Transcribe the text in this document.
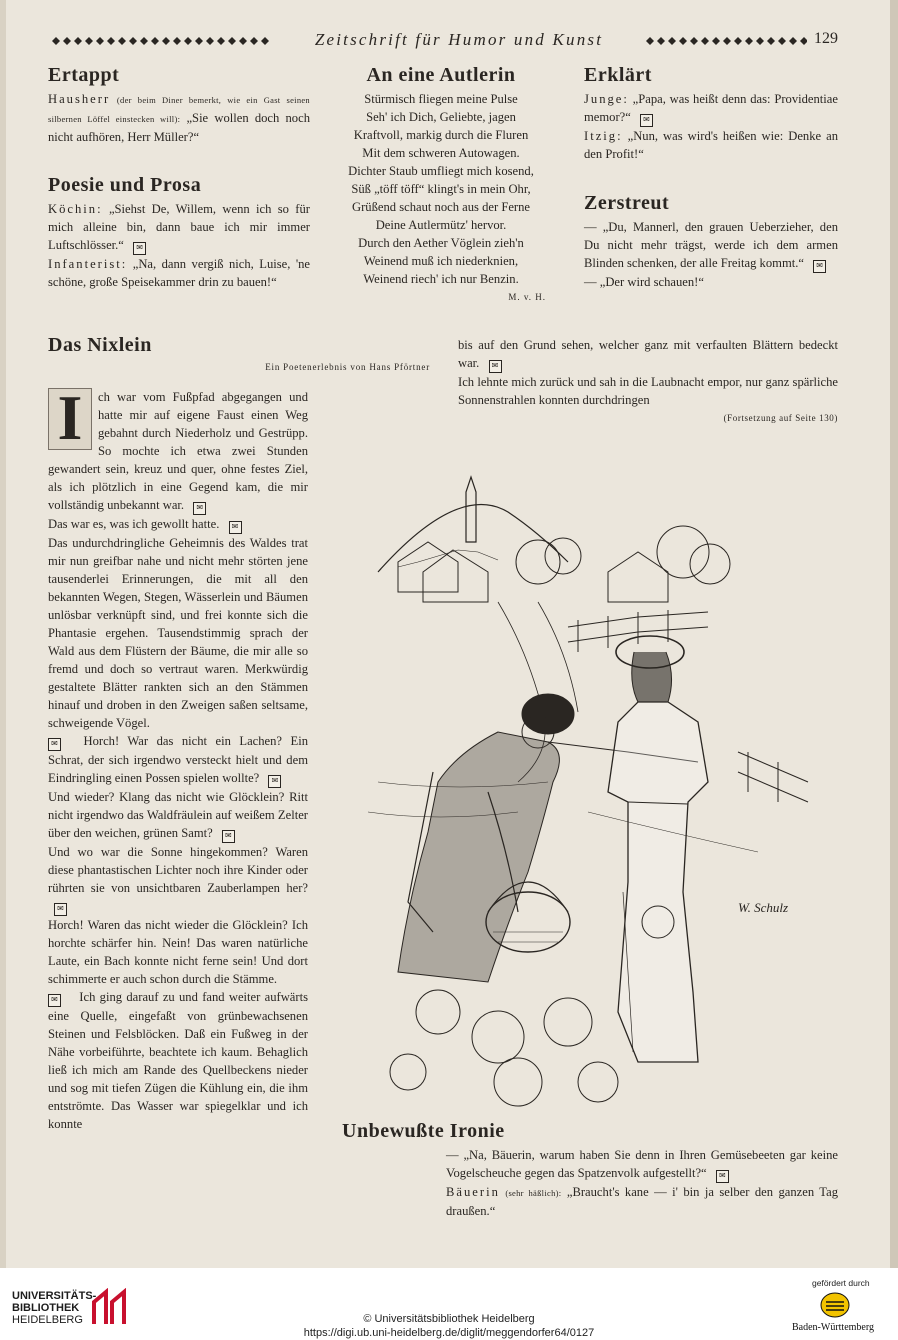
Zeitschrift für Humor und Kunst	129
Ertappt

Hausherr (der beim Diner bemerkt, wie ein Gast seinen silbernen Löffel einstecken will): „Sie wollen doch noch nicht aufhören, Herr Müller?“

Poesie und Prosa

Köchin: „Siehst De, Willem, wenn ich so für mich alleine bin, dann baue ich mir immer Luftschlösser.“ ✉

Infanterist: „Na, dann vergiß nich, Luise, 'ne schöne, große Speisekammer drin zu bauen!“

An eine Autlerin
Stürmisch fliegen meine Pulse
Seh' ich Dich, Geliebte, jagen
Kraftvoll, markig durch die Fluren
Mit dem schweren Autowagen.
Dichter Staub umfliegt mich kosend,
Süß „töff töff“ klingt's in mein Ohr,
Grüßend schaut noch aus der Ferne
Deine Autlermütz' hervor.
Durch den Aether Vöglein zieh'n
Weinend muß ich niederknien,
Weinend riech' ich nur Benzin.
M. v. H.
Erklärt

Junge: „Papa, was heißt denn das: Providentiae memor?“ ✉

Itzig: „Nun, was wird's heißen wie: Denke an den Profit!“

Zerstreut

— „Du, Mannerl, den grauen Ueberzieher, den Du nicht mehr trägst, werde ich dem armen Blinden schenken, der alle Freitag kommt.“ ✉

— „Der wird schauen!“

Das Nixlein
Ein Poetenerlebnis von Hans Pförtner

I	ch war vom Fußpfad abgegangen und hatte mir auf eigene Faust einen Weg gebahnt durch Niederholz und Gestrüpp. So mochte ich etwa zwei Stunden gewandert sein, kreuz und quer, ohne festes Ziel, als ich plötzlich in eine Gegend kam, die mir vollständig unbekannt war. ✉

Das war es, was ich gewollt hatte. ✉

Das undurchdringliche Geheimnis des Waldes trat mir nun greifbar nahe und nicht mehr störten jene tausenderlei Erinnerungen, die mit all den bekannten Wegen, Stegen, Wässerlein und Bäumen unlösbar verknüpft sind, und frei konnte sich die Phantasie ergehen. Tausendstimmig sprach der Wald aus dem Flüstern der Bäume, die mir alle so fremd und doch so vertraut waren. Merkwürdig gestaltete Blätter rankten sich an den Stämmen hinauf und droben in den Zweigen saßen seltsame, schweigende Vögel.

✉ Horch! War das nicht ein Lachen? Ein Schrat, der sich irgendwo versteckt hielt und dem Eindringling einen Possen spielen wollte? ✉

Und wieder? Klang das nicht wie Glöcklein? Ritt nicht irgendwo das Waldfräulein auf weißem Zelter über den weichen, grünen Samt? ✉

Und wo war die Sonne hingekommen? Waren diese phantastischen Lichter noch ihre Kinder oder rührten sie von unsichtbaren Zauberlampen her? ✉

Horch! Waren das nicht wieder die Glöcklein? Ich horchte schärfer hin. Nein! Das waren natürliche Laute, ein Bach konnte nicht ferne sein! Und dort schimmerte er auch schon durch die Stämme.

✉ Ich ging darauf zu und fand weiter aufwärts eine Quelle, eingefaßt von grünbewachsenen Steinen und Felsblöcken. Daß ein Fußweg in der Nähe vorbeiführte, beachtete ich kaum. Behaglich ließ ich mich am Rande des Quellbeckens nieder und sog mit tiefen Zügen die Kühlung ein, die ihm entströmte. Das Wasser war spiegelklar und ich konnte

bis auf den Grund sehen, welcher ganz mit verfaulten Blättern bedeckt war. ✉

Ich lehnte mich zurück und sah in die Laubnacht empor, nur ganz spärliche Sonnenstrahlen konnten durchdringen

(Fortsetzung auf Seite 130)
W. Schulz
Unbewußte Ironie

— „Na, Bäuerin, warum haben Sie denn in Ihren Gemüsebeeten gar keine Vogelscheuche gegen das Spatzenvolk aufgestellt?“ ✉

Bäuerin (sehr häßlich): „Braucht's kane — i' bin ja selber den ganzen Tag draußen.“

UNIVERSITÄTS-
BIBLIOTHEK
HEIDELBERG	© Universitätsbibliothek Heidelberg
https://digi.ub.uni-heidelberg.de/diglit/meggendorfer64/0127
gefördert durch
Baden-Württemberg
